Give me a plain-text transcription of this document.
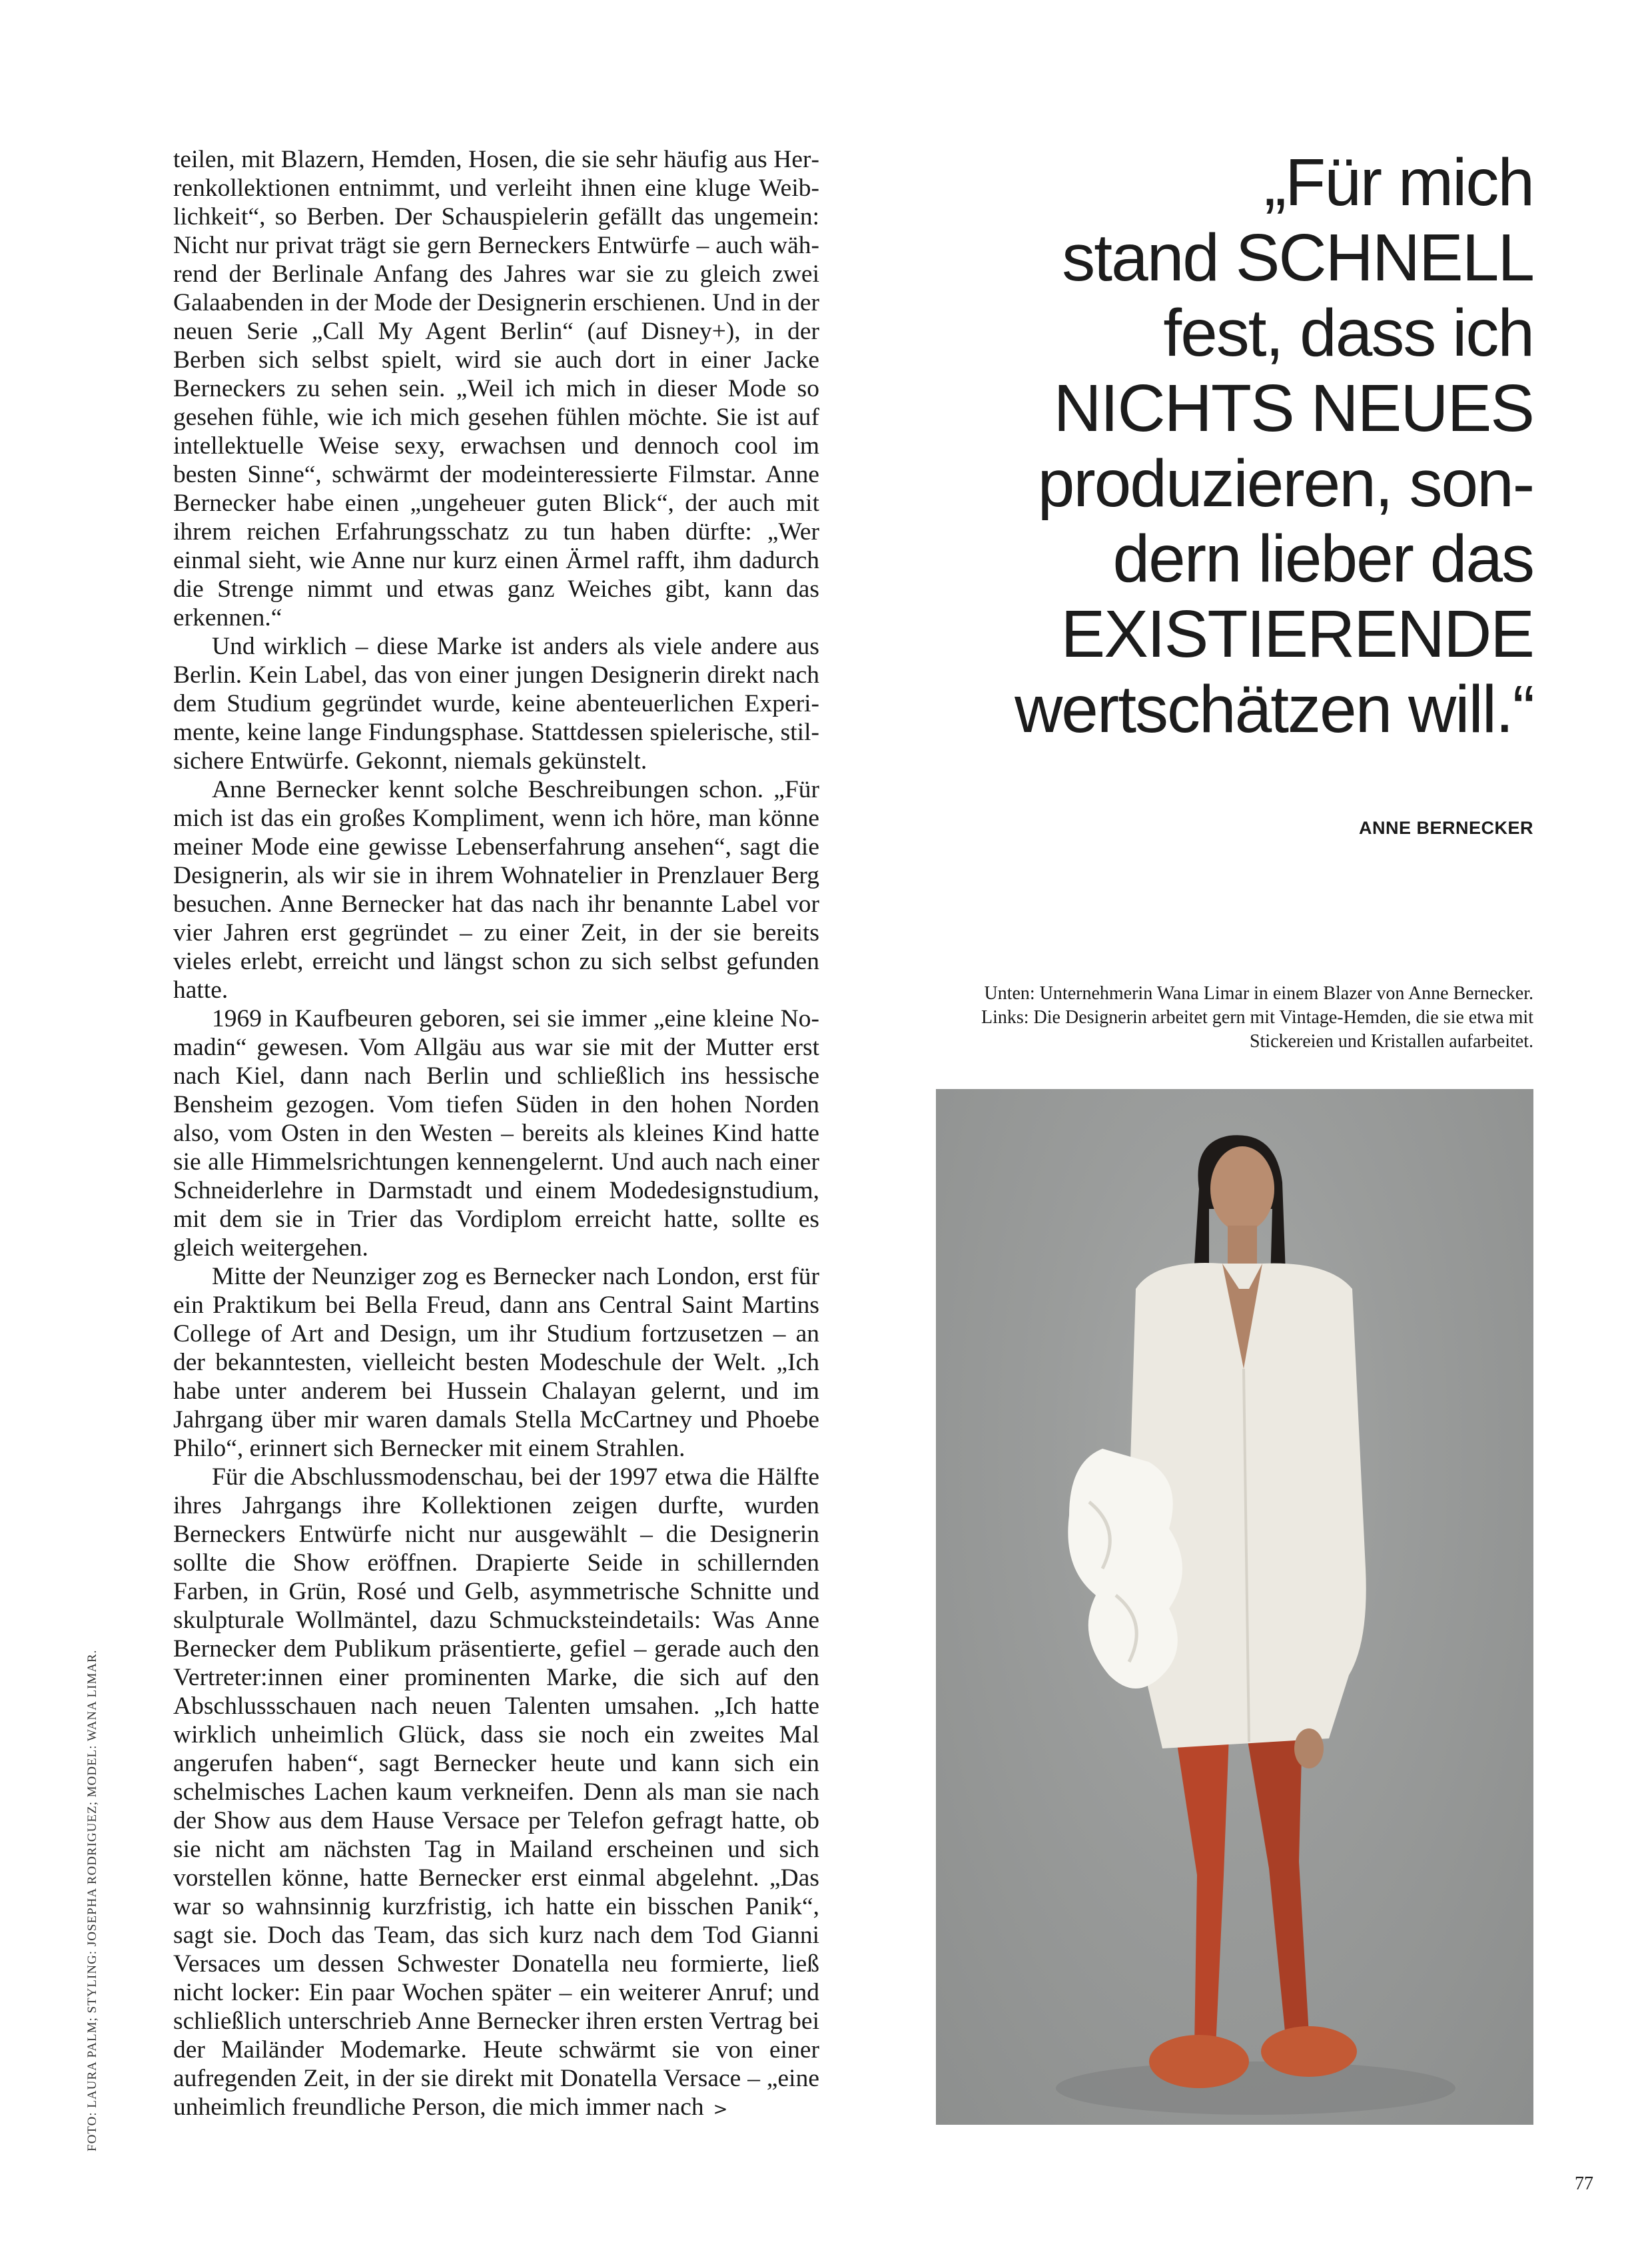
teilen, mit Blazern, Hemden, Hosen, die sie sehr häufig aus Herrenkollektionen entnimmt, und verleiht ihnen eine kluge Weiblichkeit“, so Berben. Der Schauspielerin gefällt das ungemein: Nicht nur privat trägt sie gern Berneckers Entwürfe – auch während der Berlinale Anfang des Jahres war sie zu gleich zwei Galaabenden in der Mode der Designerin erschienen. Und in der neuen Serie „Call My Agent Berlin“ (auf Disney+), in der Berben sich selbst spielt, wird sie auch dort in einer Jacke Berneckers zu sehen sein. „Weil ich mich in dieser Mode so gesehen fühle, wie ich mich gesehen fühlen möchte. Sie ist auf intellektuelle Weise sexy, erwachsen und dennoch cool im besten Sinne“, schwärmt der modeinteressierte Filmstar. Anne Bernecker habe einen „ungeheuer guten Blick“, der auch mit ihrem reichen Erfahrungsschatz zu tun haben dürfte: „Wer einmal sieht, wie Anne nur kurz einen Ärmel rafft, ihm dadurch die Strenge nimmt und etwas ganz Weiches gibt, kann das erkennen.“

Und wirklich – diese Marke ist anders als viele andere aus Berlin. Kein Label, das von einer jungen Designerin direkt nach dem Studium gegründet wurde, keine abenteuerlichen Experimente, keine lange Findungsphase. Stattdessen spielerische, stilsichere Entwürfe. Gekonnt, niemals gekünstelt.

Anne Bernecker kennt solche Beschreibungen schon. „Für mich ist das ein großes Kompliment, wenn ich höre, man könne meiner Mode eine gewisse Lebenserfahrung ansehen“, sagt die Designerin, als wir sie in ihrem Wohnatelier in Prenzlauer Berg besuchen. Anne Bernecker hat das nach ihr benannte Label vor vier Jahren erst gegründet – zu einer Zeit, in der sie bereits vieles erlebt, erreicht und längst schon zu sich selbst gefunden hatte.

1969 in Kaufbeuren geboren, sei sie immer „eine kleine Nomadin“ gewesen. Vom Allgäu aus war sie mit der Mutter erst nach Kiel, dann nach Berlin und schließlich ins hessische Bensheim gezogen. Vom tiefen Süden in den hohen Norden also, vom Osten in den Westen – bereits als kleines Kind hatte sie alle Himmelsrichtungen kennengelernt. Und auch nach einer Schneiderlehre in Darmstadt und einem Modedesignstudium, mit dem sie in Trier das Vordiplom erreicht hatte, sollte es gleich weitergehen.

Mitte der Neunziger zog es Bernecker nach London, erst für ein Praktikum bei Bella Freud, dann ans Central Saint Martins College of Art and Design, um ihr Studium fortzusetzen – an der bekanntesten, vielleicht besten Modeschule der Welt. „Ich habe unter anderem bei Hussein Chalayan gelernt, und im Jahrgang über mir waren damals Stella McCartney und Phoebe Philo“, erinnert sich Bernecker mit einem Strahlen.

Für die Abschlussmodenschau, bei der 1997 etwa die Hälfte ihres Jahrgangs ihre Kollektionen zeigen durfte, wurden Berneckers Entwürfe nicht nur ausgewählt – die Designerin sollte die Show eröffnen. Drapierte Seide in schillernden Farben, in Grün, Rosé und Gelb, asymmetrische Schnitte und skulpturale Wollmäntel, dazu Schmucksteindetails: Was Anne Bernecker dem Publikum präsentierte, gefiel – gerade auch den Vertreter:innen einer prominenten Marke, die sich auf den Abschlussschauen nach neuen Talenten umsahen. „Ich hatte wirklich unheimlich Glück, dass sie noch ein zweites Mal angerufen haben“, sagt Bernecker heute und kann sich ein schelmisches Lachen kaum verkneifen. Denn als man sie nach der Show aus dem Hause Versace per Telefon gefragt hatte, ob sie nicht am nächsten Tag in Mailand erscheinen und sich vorstellen könne, hatte Bernecker erst einmal abgelehnt. „Das war so wahnsinnig kurzfristig, ich hatte ein bisschen Panik“, sagt sie. Doch das Team, das sich kurz nach dem Tod Gianni Versaces um dessen Schwester Donatella neu formierte, ließ nicht locker: Ein paar Wochen später – ein weiterer Anruf; und schließlich unterschrieb Anne Bernecker ihren ersten Vertrag bei der Mailänder Modemarke. Heute schwärmt sie von einer aufregenden Zeit, in der sie direkt mit Donatella Versace – „eine unheimlich freundliche Person, die mich immer nach >

FOTO: LAURA PALM; STYLING: JOSEPHA RODRIGUEZ; MODEL: WANA LIMAR.
„Für mich
stand SCHNELL
fest, dass ich
NICHTS NEUES
produzieren, son-
dern lieber das
EXISTIERENDE
wertschätzen will.“
ANNE BERNECKER
Unten: Unternehmerin Wana Limar in einem Blazer von Anne Bernecker. Links: Die Designerin arbeitet gern mit Vintage-Hemden, die sie etwa mit Stickereien und Kristallen aufarbeitet.
77
